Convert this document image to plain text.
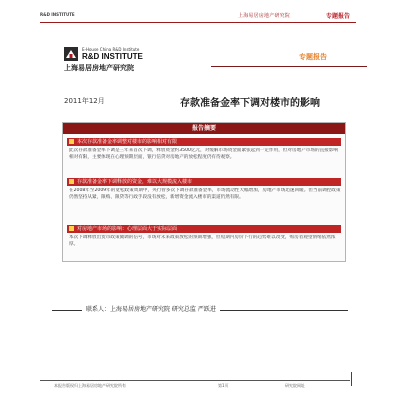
R&D INSTITUTE	上海易居房地产研究院	专题报告
E-House China R&D Institute
R&D INSTITUTE
上海易居房地产研究院
专题报告
2011年12月	存款准备金率下调对楼市的影响
报告摘要
本次存款准备金率调整对楼市的影响相对有限
此次存款准备金率下调是三年来首次下调，释放资金约3500亿元，对缓解市场资金面紧张起到一定作用，但对房地产市场的直接影响相对有限，主要体现在心理预期层面，银行信贷对房地产的放松程度仍有待观察。
存款准备金率下调释放的资金，难以大规模流入楼市
在2008年至2009年的宽松政策周期中，央行曾多次下调存款准备金率，市场流动性大幅增加，房地产市场迅速回暖。但当前调控政策仍然坚持从紧，限购、限贷等行政手段没有放松，新增资金流入楼市的渠道仍然有限。
对房地产市场的影响：心理层面大于实际层面
本次下调释放出货币政策微调的信号，市场对未来政策放松的预期增强，但短期内房价下行的趋势难以改变，购房者观望情绪依然浓厚。
联系人：上海易居房地产研究院 研究总监 严跃进
本报告版权归上海易居房地产研究院所有	第1页	研究院网址
